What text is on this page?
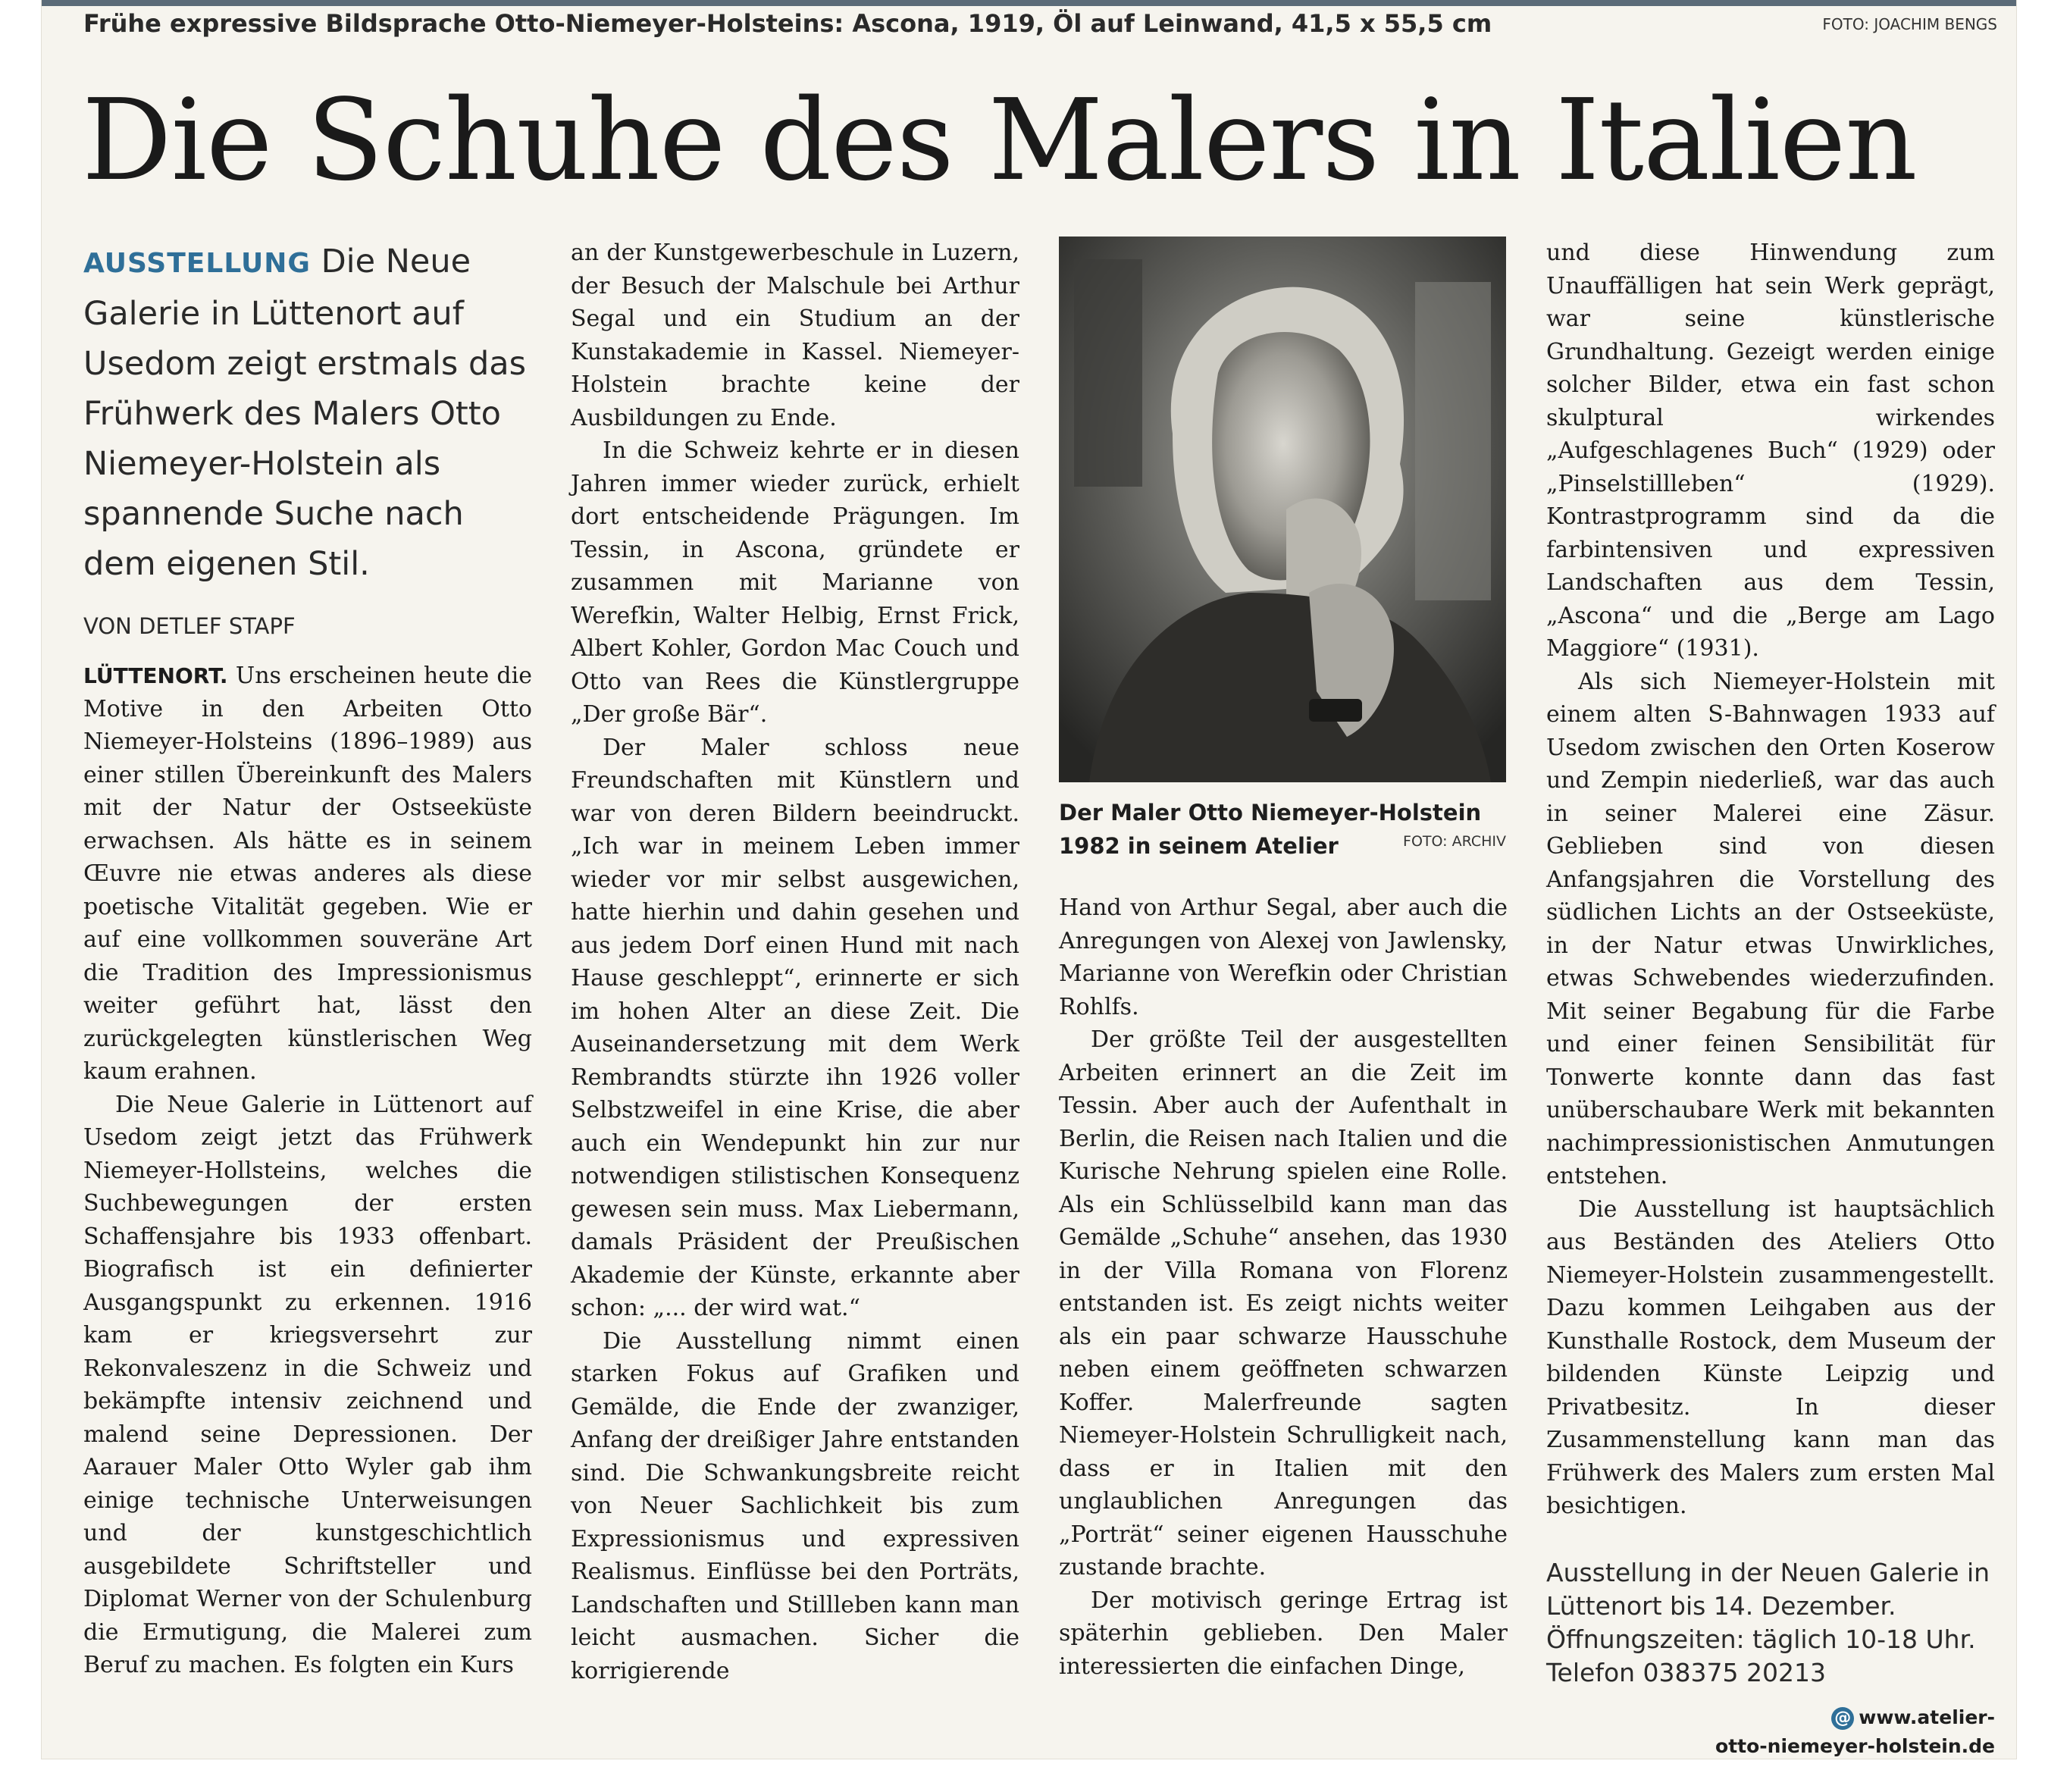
Frühe expressive Bildsprache Otto-Niemeyer-Holsteins: Ascona, 1919, Öl auf Leinwand, 41,5 x 55,5 cm	FOTO: JOACHIM BENGS
Die Schuhe des Malers in Italien
AUSSTELLUNG Die Neue Galerie in Lüttenort auf Usedom zeigt erstmals das Frühwerk des Malers Otto Niemeyer-Holstein als spannende Suche nach dem eigenen Stil.
VON DETLEF STAPF

LÜTTENORT. Uns erscheinen heute die Motive in den Arbeiten Otto Niemeyer-Holsteins (1896–1989) aus einer stillen Übereinkunft des Malers mit der Natur der Ostseeküste erwachsen. Als hätte es in seinem Œuvre nie etwas anderes als diese poetische Vitalität gegeben. Wie er auf eine vollkommen souveräne Art die Tradition des Impressionismus weiter geführt hat, lässt den zurückgelegten künstlerischen Weg kaum erahnen.

Die Neue Galerie in Lüttenort auf Usedom zeigt jetzt das Frühwerk Niemeyer-Hollsteins, welches die Suchbewegungen der ersten Schaffensjahre bis 1933 offenbart. Biografisch ist ein definierter Ausgangspunkt zu erkennen. 1916 kam er kriegsversehrt zur Rekonvaleszenz in die Schweiz und bekämpfte intensiv zeichnend und malend seine Depressionen. Der Aarauer Maler Otto Wyler gab ihm einige technische Unterweisungen und der kunstgeschichtlich ausgebildete Schriftsteller und Diplomat Werner von der Schulenburg die Ermutigung, die Malerei zum Beruf zu machen. Es folgten ein Kurs

an der Kunstgewerbeschule in Luzern, der Besuch der Malschule bei Arthur Segal und ein Studium an der Kunstakademie in Kassel. Niemeyer-Holstein brachte keine der Ausbildungen zu Ende.

In die Schweiz kehrte er in diesen Jahren immer wieder zurück, erhielt dort entscheidende Prägungen. Im Tessin, in Ascona, gründete er zusammen mit Marianne von Werefkin, Walter Helbig, Ernst Frick, Albert Kohler, Gordon Mac Couch und Otto van Rees die Künstlergruppe „Der große Bär“.

Der Maler schloss neue Freundschaften mit Künstlern und war von deren Bildern beeindruckt. „Ich war in meinem Leben immer wieder vor mir selbst ausgewichen, hatte hierhin und dahin gesehen und aus jedem Dorf einen Hund mit nach Hause geschleppt“, erinnerte er sich im hohen Alter an diese Zeit. Die Auseinandersetzung mit dem Werk Rembrandts stürzte ihn 1926 voller Selbstzweifel in eine Krise, die aber auch ein Wendepunkt hin zur nur notwendigen stilistischen Konsequenz gewesen sein muss. Max Liebermann, damals Präsident der Preußischen Akademie der Künste, erkannte aber schon: „... der wird wat.“

Die Ausstellung nimmt einen starken Fokus auf Grafiken und Gemälde, die Ende der zwanziger, Anfang der dreißiger Jahre entstanden sind. Die Schwankungsbreite reicht von Neuer Sachlichkeit bis zum Expressionismus und expressiven Realismus. Einflüsse bei den Porträts, Landschaften und Stillleben kann man leicht ausmachen. Sicher die korrigierende

Der Maler Otto Niemeyer-Holstein 1982 in seinem Atelier	FOTO: ARCHIV

Hand von Arthur Segal, aber auch die Anregungen von Alexej von Jawlensky, Marianne von Werefkin oder Christian Rohlfs.

Der größte Teil der ausgestellten Arbeiten erinnert an die Zeit im Tessin. Aber auch der Aufenthalt in Berlin, die Reisen nach Italien und die Kurische Nehrung spielen eine Rolle. Als ein Schlüsselbild kann man das Gemälde „Schuhe“ ansehen, das 1930 in der Villa Romana von Florenz entstanden ist. Es zeigt nichts weiter als ein paar schwarze Hausschuhe neben einem geöffneten schwarzen Koffer. Malerfreunde sagten Niemeyer-Holstein Schrulligkeit nach, dass er in Italien mit den unglaublichen Anregungen das „Porträt“ seiner eigenen Hausschuhe zustande brachte.

Der motivisch geringe Ertrag ist späterhin geblieben. Den Maler interessierten die einfachen Dinge,

und diese Hinwendung zum Unauffälligen hat sein Werk geprägt, war seine künstlerische Grundhaltung. Gezeigt werden einige solcher Bilder, etwa ein fast schon skulptural wirkendes „Aufgeschlagenes Buch“ (1929) oder „Pinselstillleben“ (1929). Kontrastprogramm sind da die farbintensiven und expressiven Landschaften aus dem Tessin, „Ascona“ und die „Berge am Lago Maggiore“ (1931).

Als sich Niemeyer-Holstein mit einem alten S-Bahnwagen 1933 auf Usedom zwischen den Orten Koserow und Zempin niederließ, war das auch in seiner Malerei eine Zäsur. Geblieben sind von diesen Anfangsjahren die Vorstellung des südlichen Lichts an der Ostseeküste, in der Natur etwas Unwirkliches, etwas Schwebendes wiederzufinden. Mit seiner Begabung für die Farbe und einer feinen Sensibilität für Tonwerte konnte dann das fast unüberschaubare Werk mit bekannten nachimpressionistischen Anmutungen entstehen.

Die Ausstellung ist hauptsächlich aus Beständen des Ateliers Otto Niemeyer-Holstein zusammengestellt. Dazu kommen Leihgaben aus der Kunsthalle Rostock, dem Museum der bildenden Künste Leipzig und Privatbesitz. In dieser Zusammenstellung kann man das Frühwerk des Malers zum ersten Mal besichtigen.

Ausstellung in der Neuen Galerie in Lüttenort bis 14. Dezember. Öffnungszeiten: täglich 10-18 Uhr. Telefon 038375 20213
@ www.atelier-
otto-niemeyer-holstein.de
